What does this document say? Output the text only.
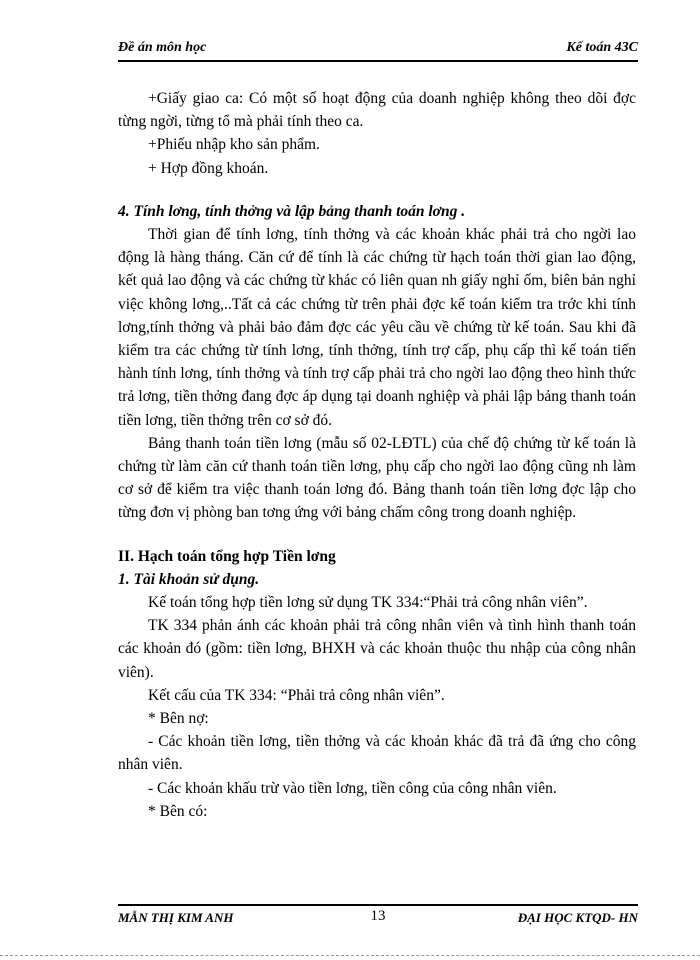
Đề án môn học	Kế toán 43C

+Giấy giao ca: Có một số hoạt động của doanh nghiệp không theo dõi đợc từng ngời, từng tổ mà phải tính theo ca.

+Phiếu nhập kho sản phẩm.

+ Hợp đồng khoán.

4. Tính lơng, tính thởng và lập bảng thanh toán lơng .

Thời gian để tính lơng, tính thởng và các khoản khác phải trả cho ngời lao động là hàng tháng. Căn cứ để tính là các chứng từ hạch toán thời gian lao động, kết quả lao động và các chứng từ khác có liên quan nh giấy nghỉ ốm, biên bản nghỉ việc không lơng,..Tất cả các chứng từ trên phải đợc kế toán kiểm tra trớc khi tính lơng,tính thởng và phải bảo đảm đợc các yêu cầu về chứng từ kế toán. Sau khi đã kiểm tra các chứng từ tính lơng, tính thởng, tính trợ cấp, phụ cấp thì kế toán tiến hành tính lơng, tính thởng và tính trợ cấp phải trả cho ngời lao động theo hình thức trả lơng, tiền thởng đang đợc áp dụng tại doanh nghiệp và phải lập bảng thanh toán tiền lơng, tiền thởng trên cơ sở đó.

Bảng thanh toán tiền lơng (mẫu số 02-LĐTL) của chế độ chứng từ kế toán là chứng từ làm căn cứ thanh toán tiền lơng, phụ cấp cho ngời lao động cũng nh làm cơ sở để kiểm tra việc thanh toán lơng đó. Bảng thanh toán tiền lơng đợc lập cho từng đơn vị phòng ban tơng ứng với bảng chấm công trong doanh nghiệp.

II. Hạch toán tổng hợp Tiền lơng

1. Tài khoản sử dụng.

Kế toán tổng hợp tiền lơng sử dụng TK 334:“Phải trả công nhân viên”.

TK 334 phản ánh các khoản phải trả công nhân viên và tình hình thanh toán các khoản đó (gồm: tiền lơng, BHXH và các khoản thuộc thu nhập của công nhân viên).

Kết cấu của TK 334: “Phải trả công nhân viên”.

* Bên nợ:

- Các khoản tiền lơng, tiền thởng và các khoản khác đã trả đã ứng cho công nhân viên.

- Các khoản khấu trừ vào tiền lơng, tiền công của công nhân viên.

* Bên có:

MẪN THỊ KIM ANH	13	ĐẠI HỌC KTQD- HN
